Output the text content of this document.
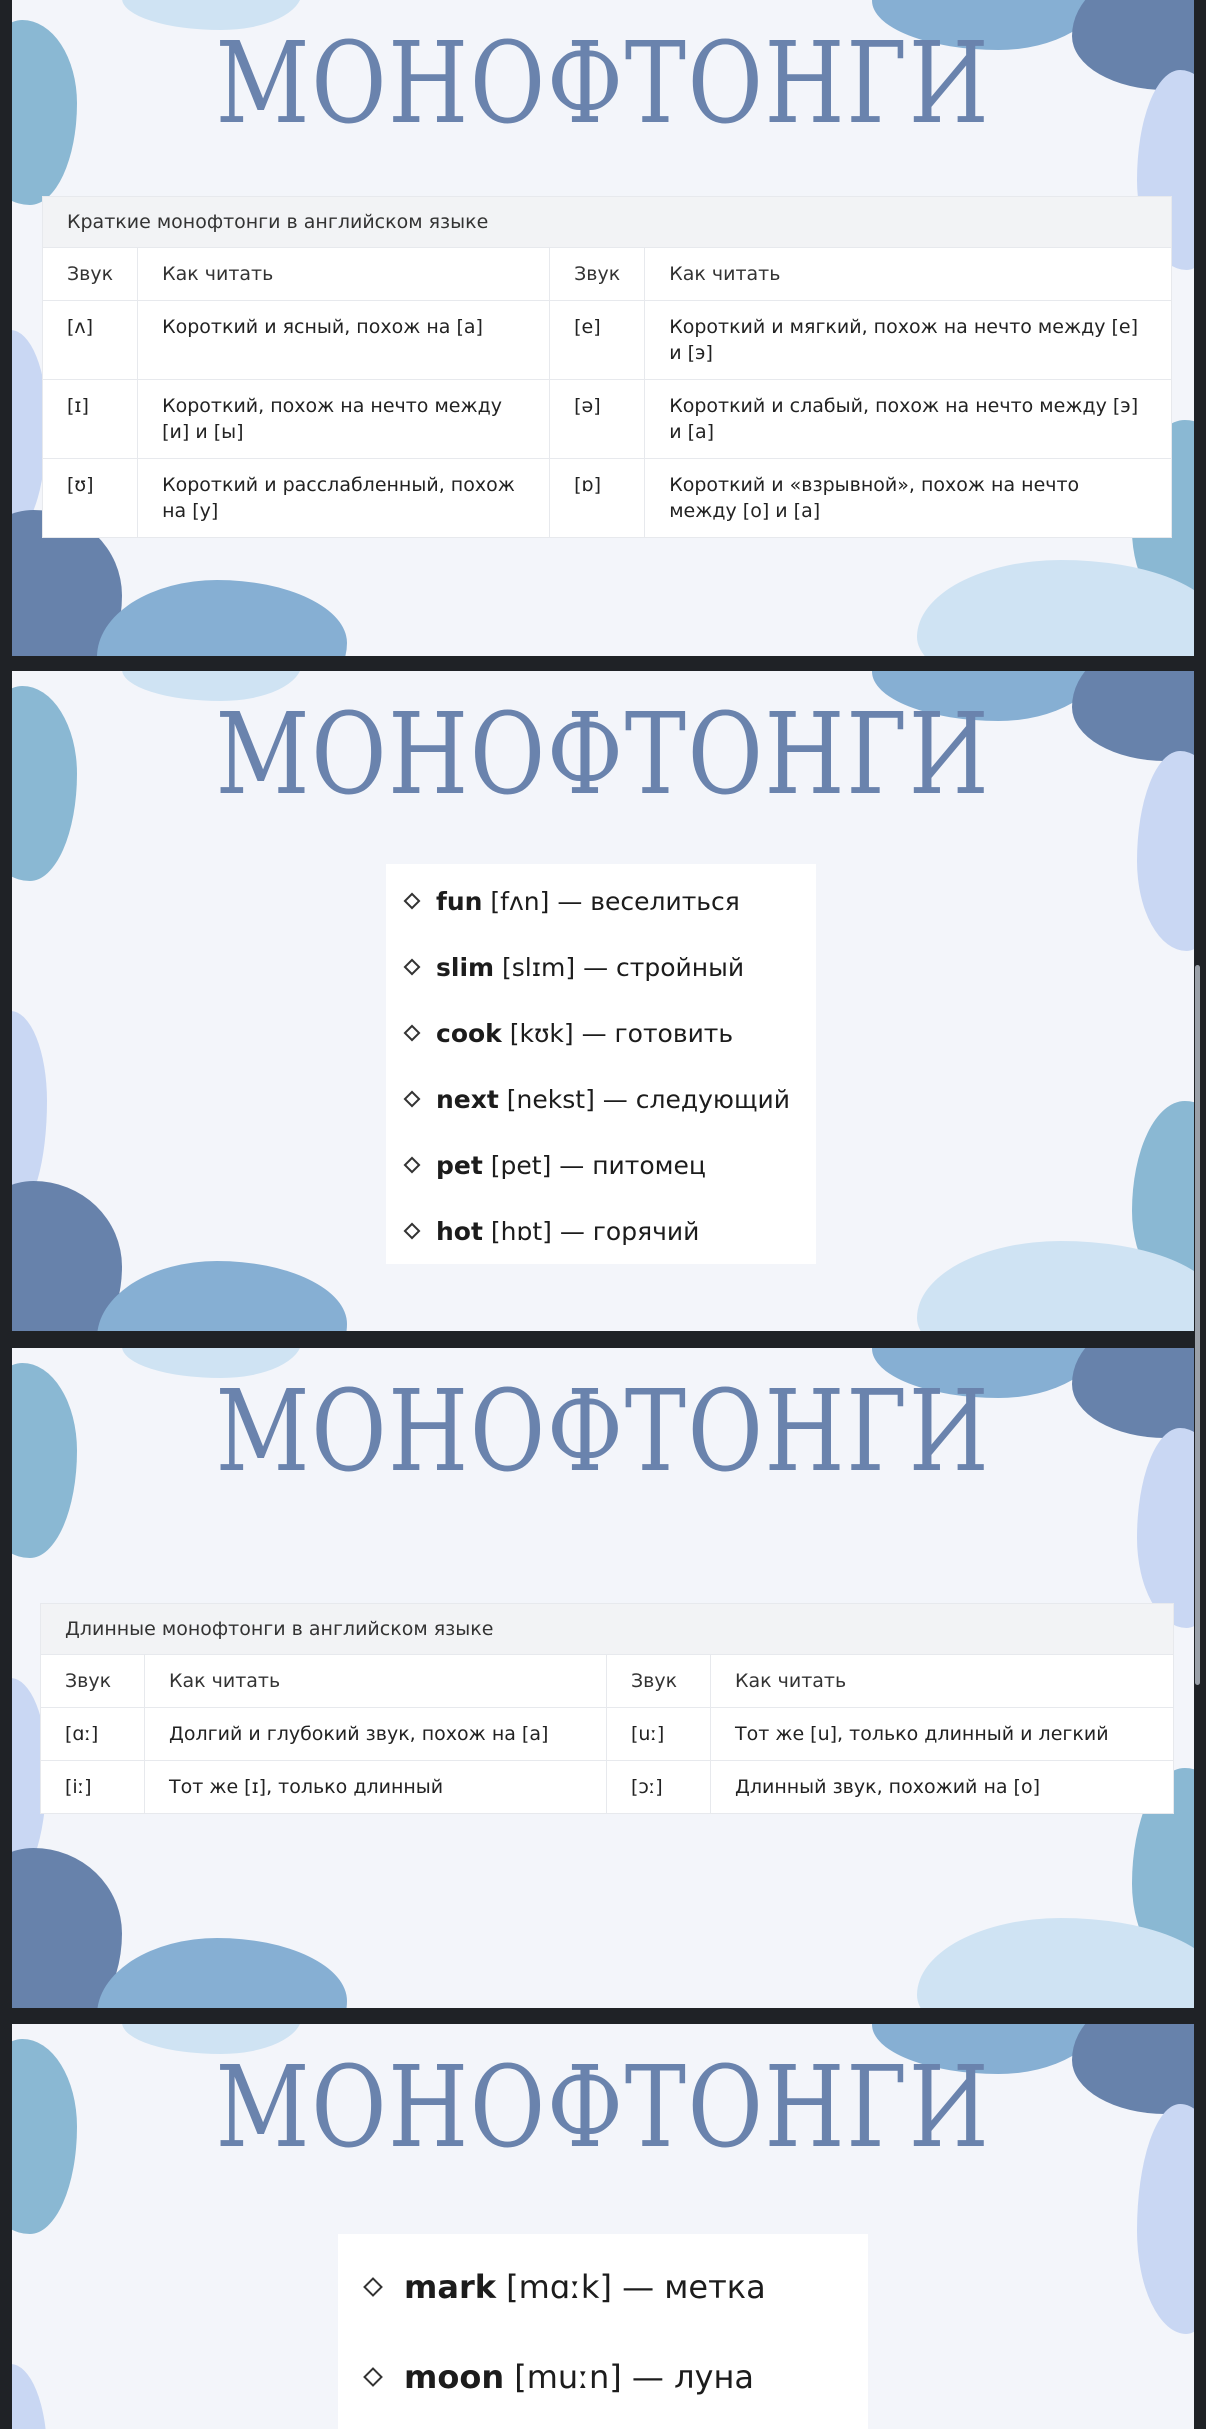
МОНОФТОНГИ
Краткие монофтонги в английском языке
Звук	Как читать	Звук	Как читать
[ʌ]	Короткий и ясный, похож на [а]	[e]	Короткий и мягкий, похож на нечто между [е] и [э]
[ɪ]	Короткий, похож на нечто между [и] и [ы]	[ə]	Короткий и слабый, похож на нечто между [э] и [а]
[ʊ]	Короткий и расслабленный, похож на [у]	[ɒ]	Короткий и «взрывной», похож на нечто между [о] и [а]
МОНОФТОНГИ
fun [fʌn] — веселиться
slim [slɪm] — стройный
cook [kʊk] — готовить
next [nekst] — следующий
pet [pet] — питомец
hot [hɒt] — горячий
МОНОФТОНГИ
Длинные монофтонги в английском языке
Звук	Как читать	Звук	Как читать
[ɑː]	Долгий и глубокий звук, похож на [а]	[uː]	Тот же [u], только длинный и легкий
[iː]	Тот же [ɪ], только длинный	[ɔː]	Длинный звук, похожий на [о]
МОНОФТОНГИ
mark [mɑːk] — метка
moon [muːn] — луна
